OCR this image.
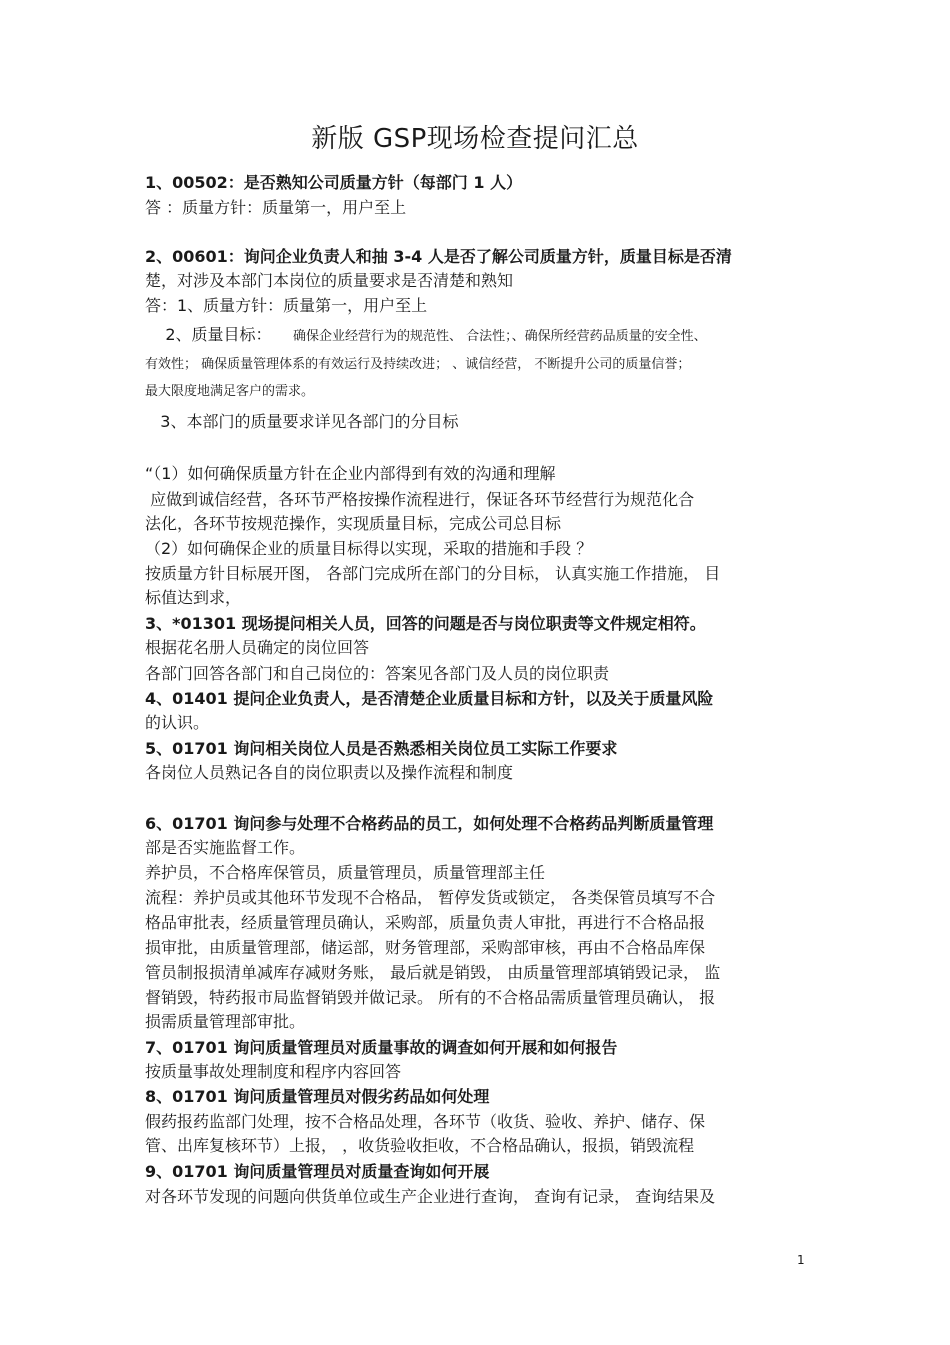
新版 GSP现场检查提问汇总
1、00502：是否熟知公司质量方针（每部门 1 人）
答 ：质量方针：质量第一，用户至上
2、00601：询问企业负责人和抽 3-4 人是否了解公司质量方针，质量目标是否清
楚，对涉及本部门本岗位的质量要求是否清楚和熟知
答：1、质量方针：质量第一，用户至上
2、质量目标： 确保企业经营行为的规范性、 合法性；、确保所经营药品质量的安全性、
有效性； 确保质量管理体系的有效运行及持续改进； 、诚信经营， 不断提升公司的质量信誉；
最大限度地满足客户的需求。
3、本部门的质量要求详见各部门的分目标
“（1）如何确保质量方针在企业内部得到有效的沟通和理解
应做到诚信经营，各环节严格按操作流程进行，保证各环节经营行为规范化合
法化，各环节按规范操作，实现质量目标，完成公司总目标
（2）如何确保企业的质量目标得以实现，采取的措施和手段 ？
按质量方针目标展开图， 各部门完成所在部门的分目标， 认真实施工作措施， 目
标值达到求，
3、*01301 现场提问相关人员，回答的问题是否与岗位职责等文件规定相符。
根据花名册人员确定的岗位回答
各部门回答各部门和自己岗位的：答案见各部门及人员的岗位职责
4、01401 提问企业负责人，是否清楚企业质量目标和方针，以及关于质量风险
的认识。
5、01701 询问相关岗位人员是否熟悉相关岗位员工实际工作要求
各岗位人员熟记各自的岗位职责以及操作流程和制度
6、01701 询问参与处理不合格药品的员工，如何处理不合格药品判断质量管理
部是否实施监督工作。
养护员，不合格库保管员，质量管理员，质量管理部主任
流程：养护员或其他环节发现不合格品， 暂停发货或锁定， 各类保管员填写不合
格品审批表，经质量管理员确认，采购部，质量负责人审批，再进行不合格品报
损审批，由质量管理部，储运部，财务管理部，采购部审核，再由不合格品库保
管员制报损清单减库存减财务账， 最后就是销毁， 由质量管理部填销毁记录， 监
督销毁，特药报市局监督销毁并做记录。 所有的不合格品需质量管理员确认， 报
损需质量管理部审批。
7、01701 询问质量管理员对质量事故的调查如何开展和如何报告
按质量事故处理制度和程序内容回答
8、01701 询问质量管理员对假劣药品如何处理
假药报药监部门处理，按不合格品处理，各环节（收货、验收、养护、储存、保
管、出库复核环节）上报， ，收货验收拒收，不合格品确认，报损，销毁流程
9、01701 询问质量管理员对质量查询如何开展
对各环节发现的问题向供货单位或生产企业进行查询， 查询有记录， 查询结果及
1
